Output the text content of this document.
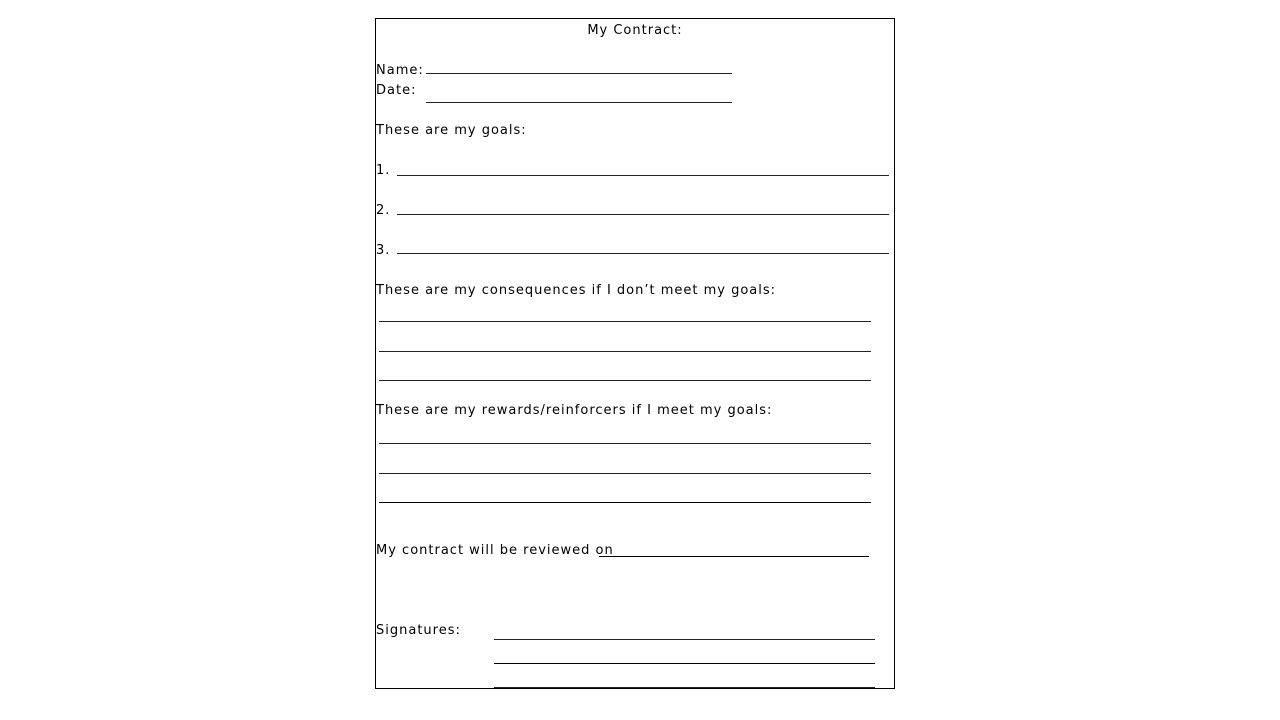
My Contract:
Name:
Date:
These are my goals:
1.
2.
3.
These are my consequences if I don’t meet my goals:
These are my rewards/reinforcers if I meet my goals:
My contract will be reviewed on
Signatures:
